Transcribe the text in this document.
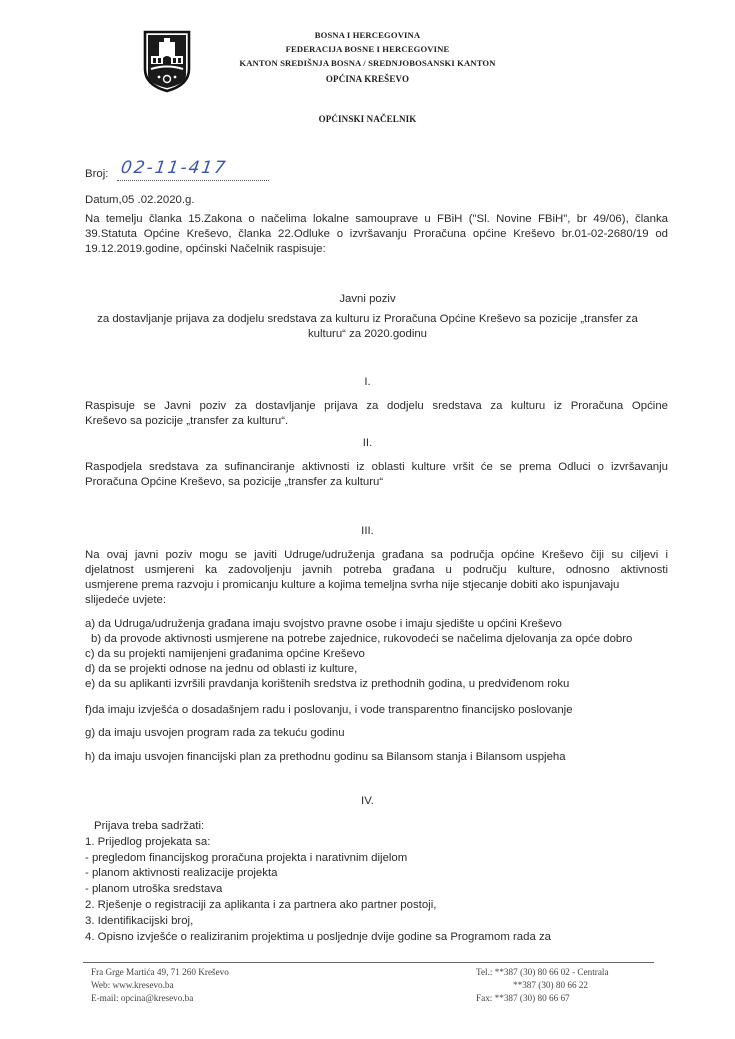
BOSNA I HERCEGOVINA
FEDERACIJA BOSNE I HERCEGOVINE
KANTON SREDIŠNJA BOSNA / SREDNJOBOSANSKI KANTON
OPĆINA KREŠEVO
OPĆINSKI NAČELNIK
Broj: 02-11-417
Datum,05 .02.2020.g.
Na temelju članka 15.Zakona o načelima lokalne samouprave u FBiH ("Sl. Novine FBiH", br 49/06), članka
39.Statuta Općine Kreševo, članka 22.Odluke o izvršavanju Proračuna općine Kreševo br.01-02-2680/19 od
19.12.2019.godine, općinski Načelnik raspisuje:
Javni poziv
za dostavljanje prijava za dodjelu sredstava za kulturu iz Proračuna Općine Kreševo sa pozicije „transfer za
kulturu“ za 2020.godinu
I.
Raspisuje se Javni poziv za dostavljanje prijava za dodjelu sredstava za kulturu iz Proračuna Općine
Kreševo sa pozicije „transfer za kulturu“.
II.
Raspodjela sredstava za sufinanciranje aktivnosti iz oblasti kulture vršit će se prema Odluci o izvršavanju
Proračuna Općine Kreševo, sa pozicije „transfer za kulturu“
III.
Na ovaj javni poziv mogu se javiti Udruge/udruženja građana sa područja općine Kreševo čiji su ciljevi i
djelatnost usmjereni ka zadovoljenju javnih potreba građana u području kulture, odnosno aktivnosti
usmjerene prema razvoju i promicanju kulture a kojima temeljna svrha nije stjecanje dobiti ako ispunjavaju
slijedeće uvjete:
a) da Udruga/udruženja građana imaju svojstvo pravne osobe i imaju sjedište u općini Kreševo
b) da provode aktivnosti usmjerene na potrebe zajednice, rukovodeći se načelima djelovanja za opće dobro
c) da su projekti namijenjeni građanima općine Kreševo
d) da se projekti odnose na jednu od oblasti iz kulture,
e) da su aplikanti izvršili pravdanja korištenih sredstva iz prethodnih godina, u predviđenom roku
f)da imaju izvješća o dosadašnjem radu i poslovanju, i vode transparentno financijsko poslovanje
g) da imaju usvojen program rada za tekuću godinu
h) da imaju usvojen financijski plan za prethodnu godinu sa Bilansom stanja i Bilansom uspjeha
IV.
Prijava treba sadržati:
1. Prijedlog projekata sa:
- pregledom financijskog proračuna projekta i narativnim dijelom
- planom aktivnosti realizacije projekta
- planom utroška sredstava
2. Rješenje o registraciji za aplikanta i za partnera ako partner postoji,
3. Identifikacijski broj,
4. Opisno izvješće o realiziranim projektima u posljednje dvije godine sa Programom rada za
Fra Grge Martića 49, 71 260 Kreševo
Web: www.kresevo.ba
E-mail: opcina@kresevo.ba
Tel.: **387 (30) 80 66 02 - Centrala
**387 (30) 80 66 22
Fax: **387 (30) 80 66 67
